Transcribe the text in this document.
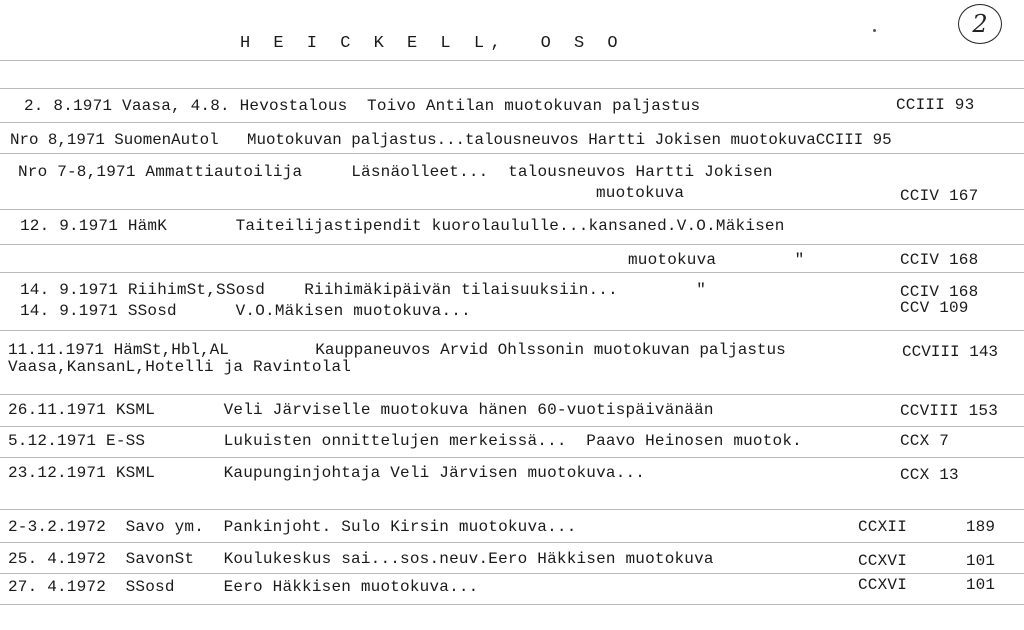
H E I C K E L L,  O S O
2
2. 8.1971 Vaasa, 4.8. Hevostalous  Toivo Antilan muotokuvan paljastus	CCIII 93
Nro 8,1971 SuomenAutol   Muotokuvan paljastus...talousneuvos Hartti Jokisen muotokuvaCCIII 95
Nro 7-8,1971 Ammattiautoilija     Läsnäolleet...  talousneuvos Hartti Jokisen
muotokuva	CCIV 167
12. 9.1971 HämK       Taiteilijastipendit kuorolaululle...kansaned.V.O.Mäkisen
muotokuva        "	CCIV 168
14. 9.1971 RiihimSt,SSosd    Riihimäkipäivän tilaisuuksiin...        "	CCIV 168
14. 9.1971 SSosd      V.O.Mäkisen muotokuva...	CCV 109
11.11.1971 HämSt,Hbl,AL         Kauppaneuvos Arvid Ohlssonin muotokuvan paljastus	CCVIII 143
Vaasa,KansanL,Hotelli ja Ravintolal
26.11.1971 KSML       Veli Järviselle muotokuva hänen 60-vuotispäivänään	CCVIII 153
5.12.1971 E-SS        Lukuisten onnittelujen merkeissä...  Paavo Heinosen muotok.	CCX 7
23.12.1971 KSML       Kaupunginjohtaja Veli Järvisen muotokuva...	CCX 13
2-3.2.1972  Savo ym.  Pankinjoht. Sulo Kirsin muotokuva...	CCXII      189
25. 4.1972  SavonSt   Koulukeskus sai...sos.neuv.Eero Häkkisen muotokuva	CCXVI      101
27. 4.1972  SSosd     Eero Häkkisen muotokuva...	CCXVI      101
